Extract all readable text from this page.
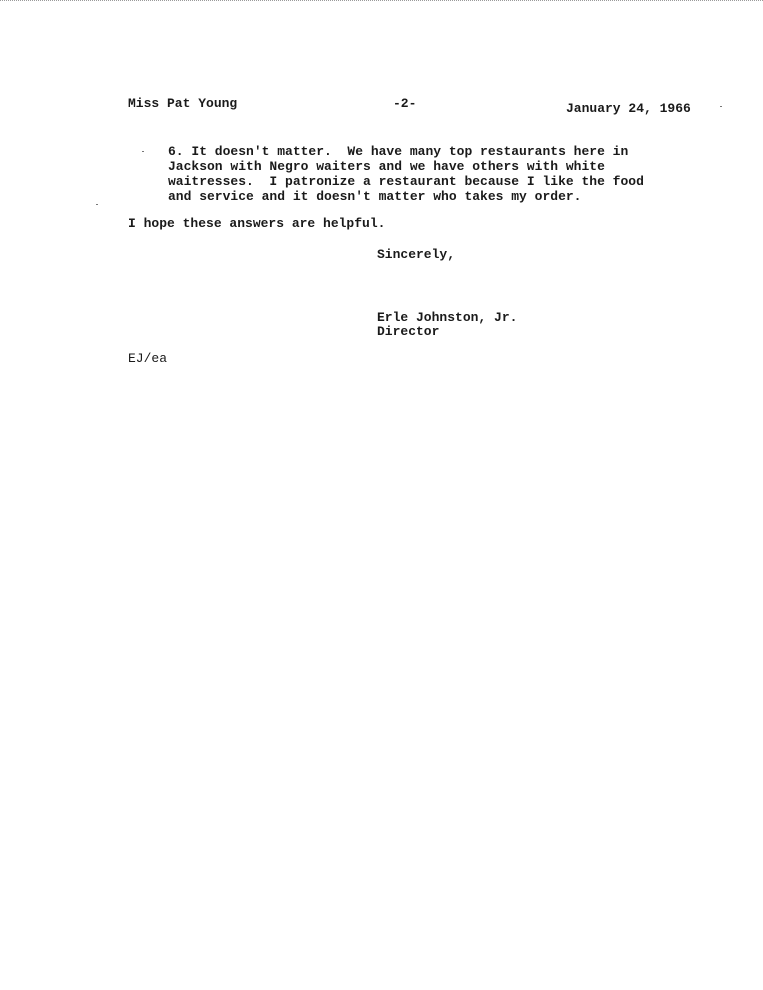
Miss Pat Young	-2-	January 24, 1966
6. It doesn't matter.  We have many top restaurants here in
Jackson with Negro waiters and we have others with white
waitresses.  I patronize a restaurant because I like the food
and service and it doesn't matter who takes my order.
I hope these answers are helpful.
Sincerely,
Erle Johnston, Jr.
Director
EJ/ea
